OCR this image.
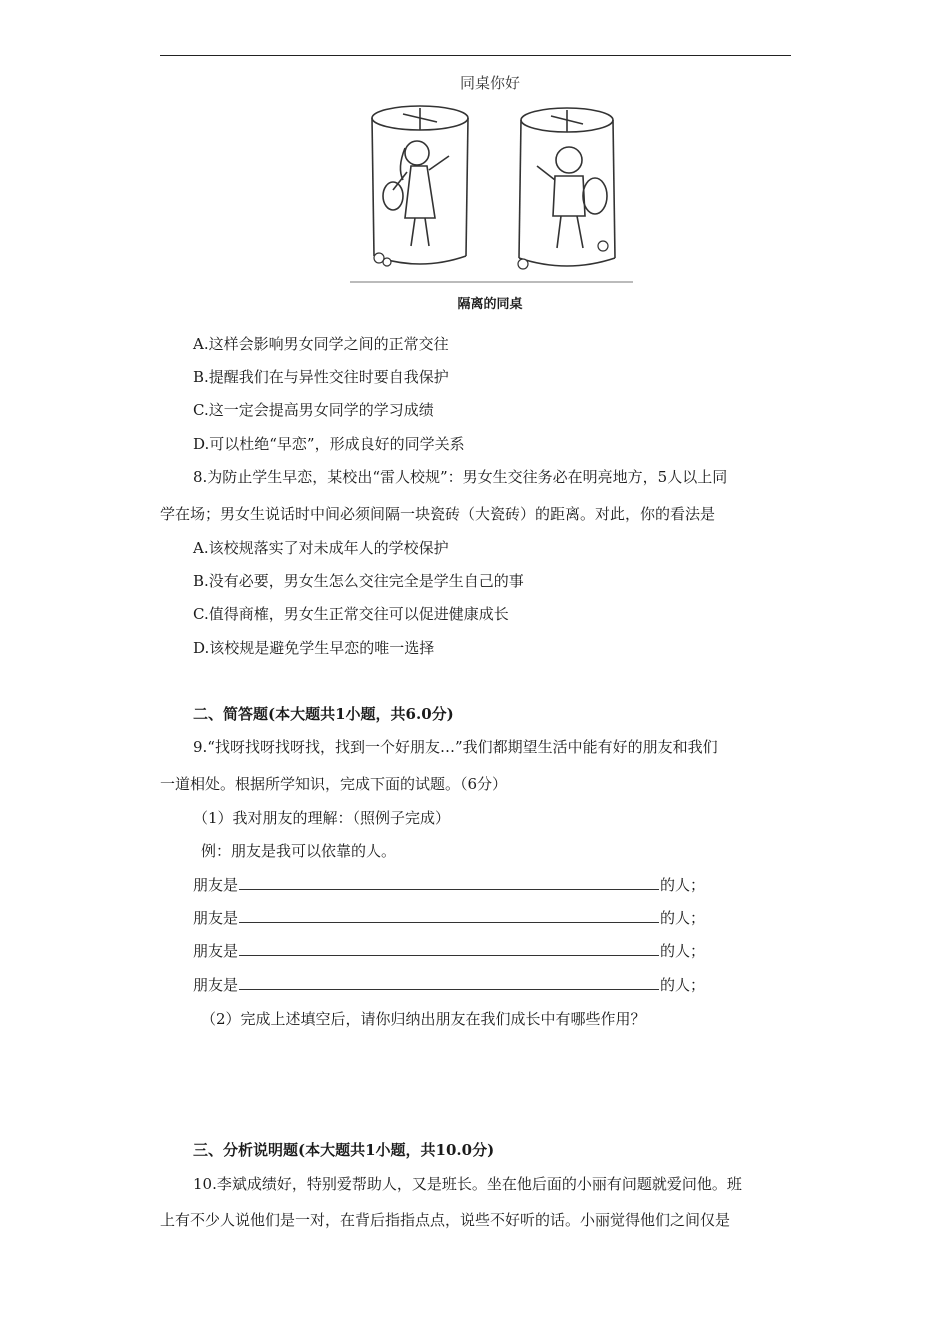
同桌你好
隔离的同桌
A.这样会影响男女同学之间的正常交往
B.提醒我们在与异性交往时要自我保护
C.这一定会提高男女同学的学习成绩
D.可以杜绝“早恋”，形成良好的同学关系
8.为防止学生早恋，某校出“雷人校规”：男女生交往务必在明亮地方，5人以上同
学在场；男女生说话时中间必须间隔一块瓷砖（大瓷砖）的距离。对此，你的看法是
A.该校规落实了对未成年人的学校保护
B.没有必要，男女生怎么交往完全是学生自己的事
C.值得商榷，男女生正常交往可以促进健康成长
D.该校规是避免学生早恋的唯一选择
二、简答题(本大题共1小题，共6.0分)
9.“找呀找呀找呀找，找到一个好朋友…”我们都期望生活中能有好的朋友和我们
一道相处。根据所学知识，完成下面的试题。（6分）
（1）我对朋友的理解：（照例子完成）
例：朋友是我可以依靠的人。
朋友是	的人；
朋友是	的人；
朋友是	的人；
朋友是	的人；
（2）完成上述填空后，请你归纳出朋友在我们成长中有哪些作用？
三、分析说明题(本大题共1小题，共10.0分)
10.李斌成绩好，特别爱帮助人，又是班长。坐在他后面的小丽有问题就爱问他。班
上有不少人说他们是一对，在背后指指点点，说些不好听的话。小丽觉得他们之间仅是
